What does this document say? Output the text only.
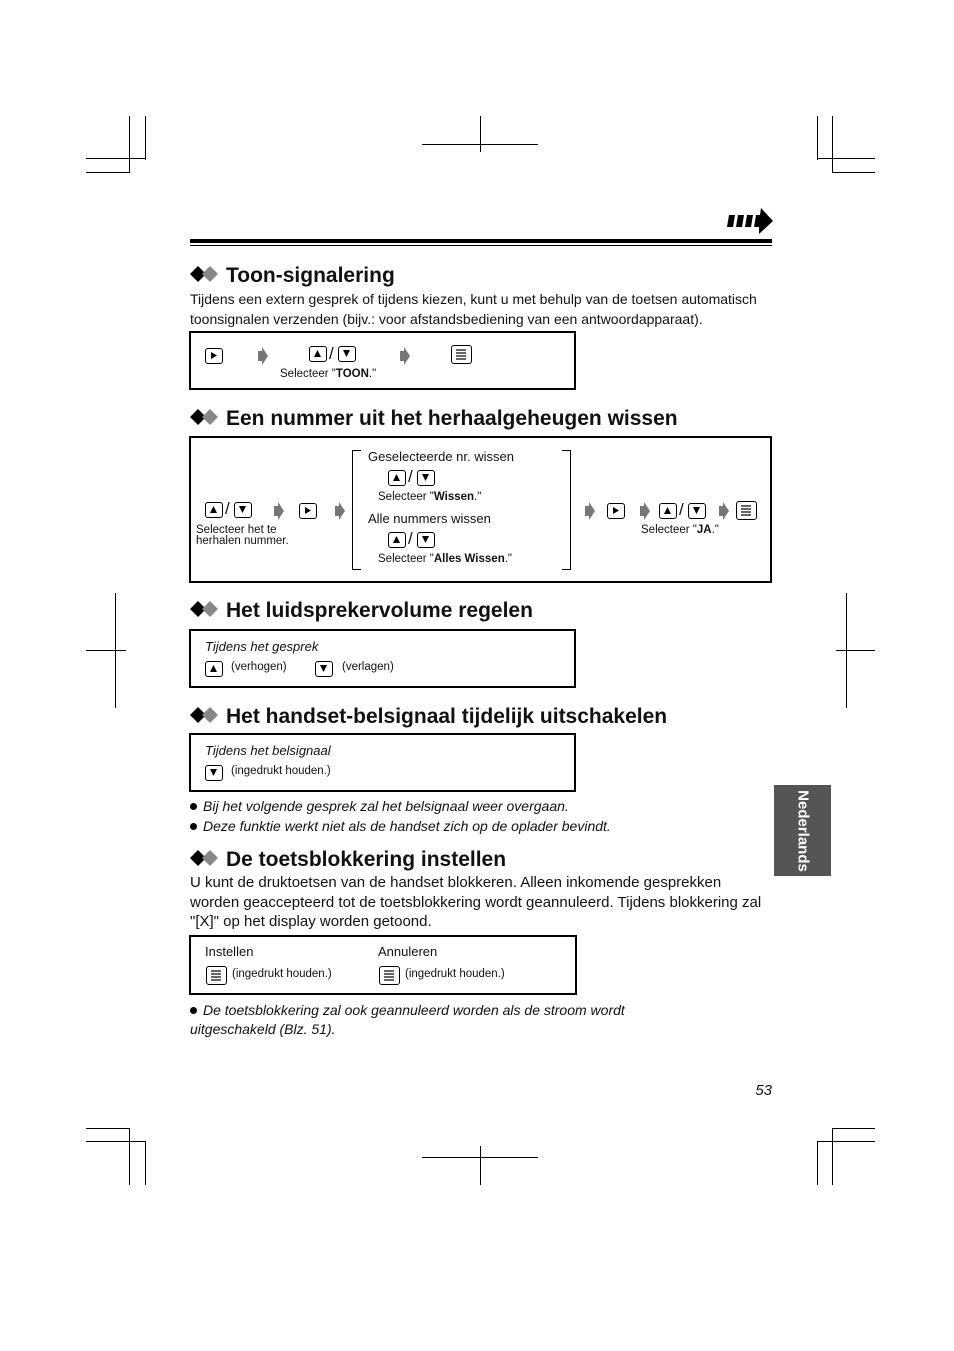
Toon-signalering
Tijdens een extern gesprek of tijdens kiezen, kunt u met behulp van de toetsen automatisch toonsignalen verzenden (bijv.: voor afstandsbediening van een antwoordapparaat).
/
Selecteer "TOON."
Een nummer uit het herhaalgeheugen wissen
/
Selecteer het te herhalen nummer.
Geselecteerde nr. wissen
/
Selecteer "Wissen."
Alle nummers wissen
/
Selecteer "Alles Wissen."
/
Selecteer "JA."
Het luidsprekervolume regelen
Tijdens het gesprek
(verhogen)	(verlagen)
Het handset-belsignaal tijdelijk uitschakelen
Tijdens het belsignaal
(ingedrukt houden.)
Bij het volgende gesprek zal het belsignaal weer overgaan.
Deze funktie werkt niet als de handset zich op de oplader bevindt.
De toetsblokkering instellen
U kunt de druktoetsen van de handset blokkeren. Alleen inkomende gesprekken worden geaccepteerd tot de toetsblokkering wordt geannuleerd. Tijdens blokkering zal "[X]" op het display worden getoond.
Instellen
(ingedrukt houden.)
Annuleren
(ingedrukt houden.)
De toetsblokkering zal ook geannuleerd worden als de stroom wordt uitgeschakeld (Blz. 51).
Nederlands
53
